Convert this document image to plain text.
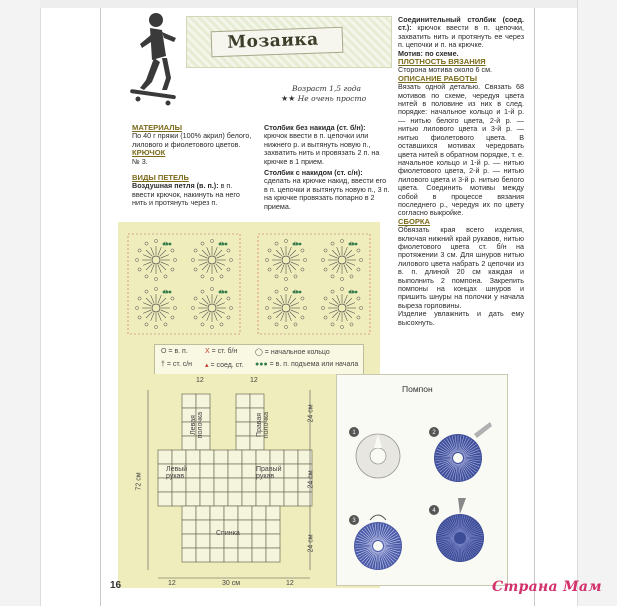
Мозаика
Возраст 1,5 года
★★ Не очень просто
МАТЕРИАЛЫ
По 40 г пряжи (100% акрил) белого, лилового и фиолетового цветов.
КРЮЧОК
№ 3.
ВИДЫ ПЕТЕЛЬ
Воздушная петля (в. п.): в п. ввести крючок, накинуть на него нить и протянуть через п.
Столбик без накида (ст. б/н): крючок ввести в п. цепочки или нижнего р. и вытянуть новую п., захватить нить и провязать 2 п. на крючке в 1 прием.
Столбик с накидом (ст. с/н): сделать на крючке накид, ввести его в п. цепочки и вытянуть новую п., 3 п. на крючке провязать попарно в 2 приема.
Соединительный столбик (соед. ст.): крючок ввести в п. цепочки, захватить нить и протянуть ее через п. цепочки и п. на крючке.
Мотив: по схеме.
ПЛОТНОСТЬ ВЯЗАНИЯ
Сторона мотива около 6 см.
ОПИСАНИЕ РАБОТЫ
Вязать одной деталью. Связать 68 мотивов по схеме, чередуя цвета нитей в половине из них в след. порядке: начальное кольцо и 1-й р. — нитью белого цвета, 2-й р. — нитью лилового цвета и 3-й р. — нитью фиолетового цвета. В оставшихся мотивах чередовать цвета нитей в обратном порядке, т. е. начальное кольцо и 1-й р. — нитью фиолетового цвета, 2-й р. — нитью лилового цвета и 3-й р. нитью белого цвета. Соединить мотивы между собой в процессе вязания последнего р., чередуя их по цвету согласно выкройке.
СБОРКА
Обвязать края всего изделия, включая нижний край рукавов, нитью фиолетового цвета ст. б/н на протяжении 3 см. Для шнуров нитью лилового цвета набрать 2 цепочки из в. п. длиной 20 см каждая и выполнить 2 помпона. Закрепить помпоны на концах шнуров и пришить шнуры на полочки у начала выреза горловины.
Изделие увлажнить и дать ему высохнуть.
О = в. п. Х = ст. б/н	◯ = начальное кольцо
† = ст. с/н ▴ = соед. ст. ●●● = в. п. подъема или начала
12	12
Левая полочка	Правая полочка
Левый рукав
Правый рукав
Спинка
72 см
24 см
24 см
24 см
12	30 см	12
Помпон
1	2
3
4
16	Страна Мам
